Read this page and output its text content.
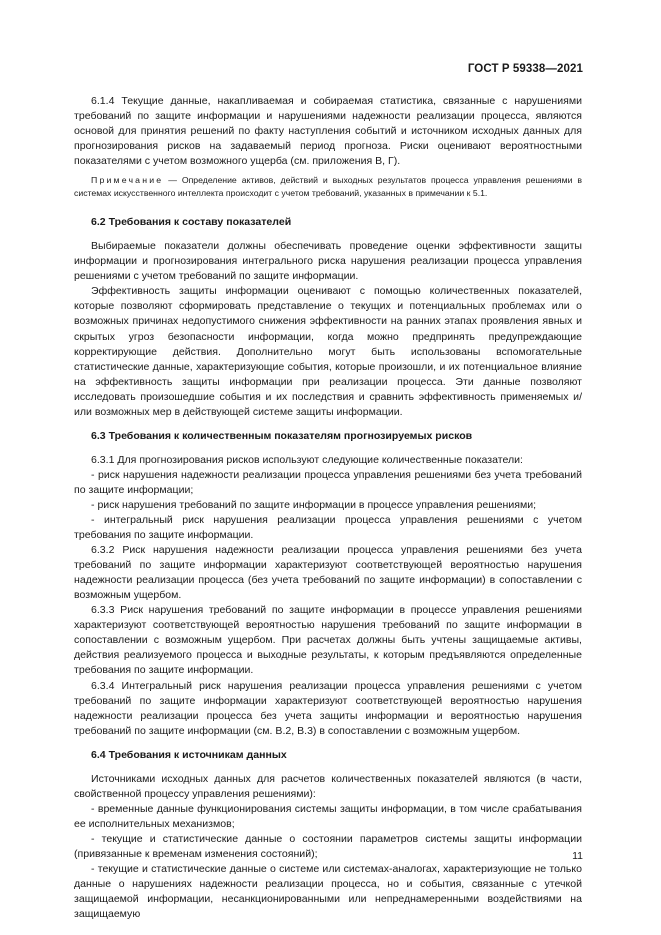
ГОСТ Р 59338—2021

6.1.4 Текущие данные, накапливаемая и собираемая статистика, связанные с нарушениями требований по защите информации и нарушениями надежности реализации процесса, являются основой для принятия решений по факту наступления событий и источником исходных данных для прогнозирования рисков на задаваемый период прогноза. Риски оценивают вероятностными показателями с учетом возможного ущерба (см. приложения В, Г).

Примечание — Определение активов, действий и выходных результатов процесса управления решениями в системах искусственного интеллекта происходит с учетом требований, указанных в примечании к 5.1.

6.2 Требования к составу показателей

Выбираемые показатели должны обеспечивать проведение оценки эффективности защиты информации и прогнозирования интегрального риска нарушения реализации процесса управления решениями с учетом требований по защите информации.

Эффективность защиты информации оценивают с помощью количественных показателей, которые позволяют сформировать представление о текущих и потенциальных проблемах или о возможных причинах недопустимого снижения эффективности на ранних этапах проявления явных и скрытых угроз безопасности информации, когда можно предпринять предупреждающие корректирующие действия. Дополнительно могут быть использованы вспомогательные статистические данные, характеризующие события, которые произошли, и их потенциальное влияние на эффективность защиты информации при реализации процесса. Эти данные позволяют исследовать произошедшие события и их последствия и сравнить эффективность применяемых и/или возможных мер в действующей системе защиты информации.

6.3 Требования к количественным показателям прогнозируемых рисков

6.3.1 Для прогнозирования рисков используют следующие количественные показатели:

- риск нарушения надежности реализации процесса управления решениями без учета требований по защите информации;

- риск нарушения требований по защите информации в процессе управления решениями;

- интегральный риск нарушения реализации процесса управления решениями с учетом требования по защите информации.

6.3.2 Риск нарушения надежности реализации процесса управления решениями без учета требований по защите информации характеризуют соответствующей вероятностью нарушения надежности реализации процесса (без учета требований по защите информации) в сопоставлении с возможным ущербом.

6.3.3 Риск нарушения требований по защите информации в процессе управления решениями характеризуют соответствующей вероятностью нарушения требований по защите информации в сопоставлении с возможным ущербом. При расчетах должны быть учтены защищаемые активы, действия реализуемого процесса и выходные результаты, к которым предъявляются определенные требования по защите информации.

6.3.4 Интегральный риск нарушения реализации процесса управления решениями с учетом требований по защите информации характеризуют соответствующей вероятностью нарушения надежности реализации процесса без учета защиты информации и вероятностью нарушения требований по защите информации (см. В.2, В.3) в сопоставлении с возможным ущербом.

6.4 Требования к источникам данных

Источниками исходных данных для расчетов количественных показателей являются (в части, свойственной процессу управления решениями):

- временные данные функционирования системы защиты информации, в том числе срабатывания ее исполнительных механизмов;

- текущие и статистические данные о состоянии параметров системы защиты информации (привязанные к временам изменения состояний);

- текущие и статистические данные о системе или системах-аналогах, характеризующие не только данные о нарушениях надежности реализации процесса, но и события, связанные с утечкой защищаемой информации, несанкционированными или непреднамеренными воздействиями на защищаемую

11
